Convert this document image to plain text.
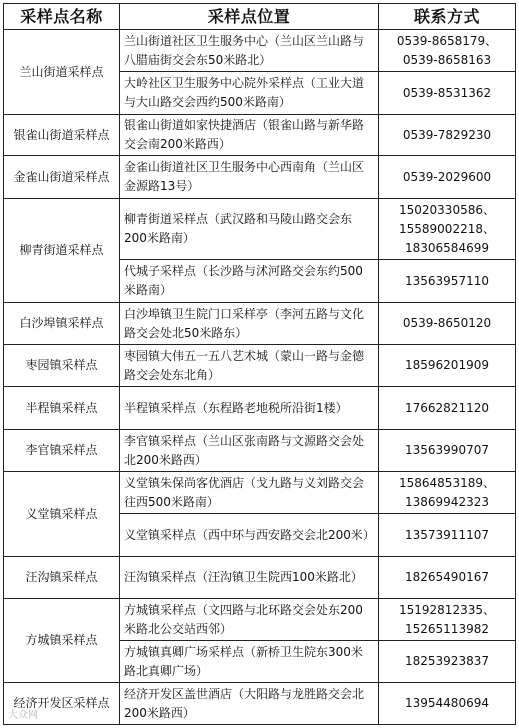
采样点名称	采样点位置	联系方式
兰山街道采样点	兰山街道社区卫生服务中心（兰山区兰山路与八腊庙街交会东50米路北）	0539-8658179、
0539-8658163

	大岭社区卫生服务中心院外采样点（工业大道与大山路交会西约500米路南）	0539-8531362

银雀山街道采样点	银雀山街道如家快捷酒店（银雀山路与新华路交会南200米路西）	0539-7829230

金雀山街道采样点	金雀山街道社区卫生服务中心西南角（兰山区金源路13号）	0539-2029600

柳青街道采样点	柳青街道采样点（武汉路和马陵山路交会东200米路南）	15020330586、
15589002218、
18306584699

	代城子采样点（长沙路与沭河路交会东约500米路南）	13563957110

白沙埠镇采样点	白沙埠镇卫生院门口采样亭（李河五路与文化路交会处北50米路东）	0539-8650120

枣园镇采样点	枣园镇大伟五一五八艺术城（蒙山一路与金德路交会处东北角）	18596201909

半程镇采样点	半程镇采样点（东程路老地税所沿街1楼）	17662821120

李官镇采样点	李官镇采样点（兰山区张南路与文源路交会处北200米路西）	13563990707

义堂镇采样点	义堂镇朱保尚客优酒店（戈九路与义刘路交会往西500米路南）	15864853189、
13869942323

	义堂镇采样点（西中环与西安路交会北200米）	13573911107

汪沟镇采样点	汪沟镇采样点（汪沟镇卫生院西100米路北）	18265490167

方城镇采样点	方城镇采样点（文四路与北环路交会处东200米路北公交站西邻）	15192812335、
15265113982

	方城镇真卿广场采样点（新桥卫生院东300米路北真卿广场）	18253923837

经济开发区采样点	经济开发区盖世酒店（大阳路与龙胜路交会北200米路西）	13954480694
大众网
